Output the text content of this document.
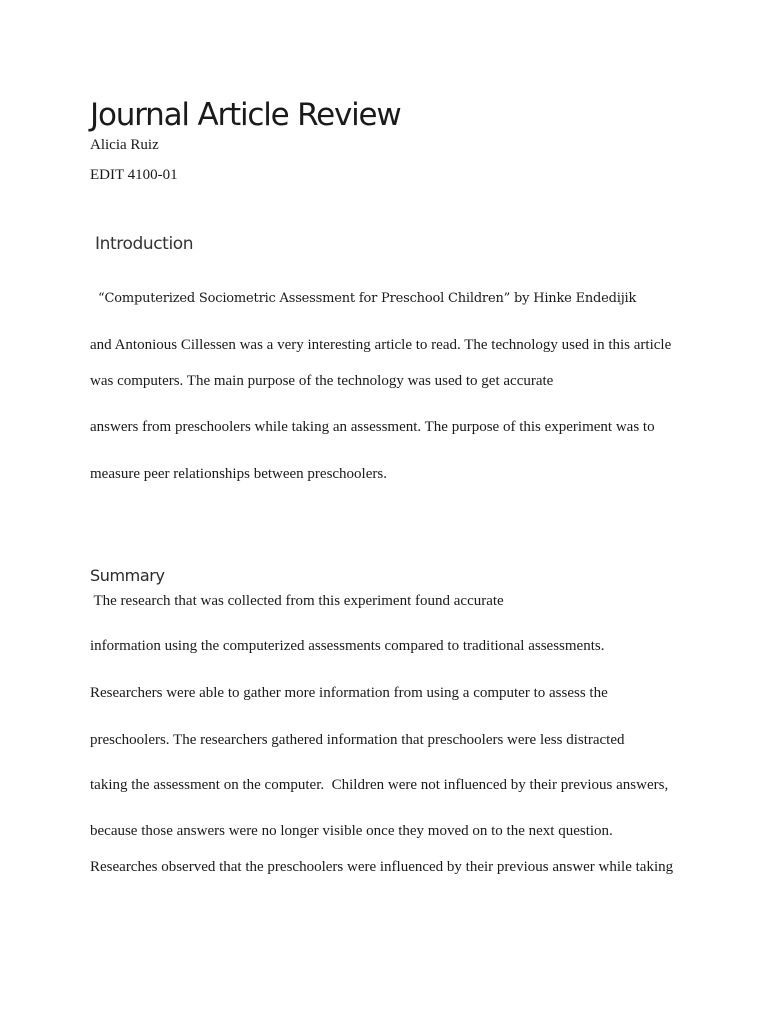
Journal Article Review

Alicia Ruiz

EDIT 4100-01

Introduction

“Computerized Sociometric Assessment for Preschool Children” by Hinke Endedijik

and Antonious Cillessen was a very interesting article to read. The technology used in this article

was computers. The main purpose of the technology was used to get accurate

answers from preschoolers while taking an assessment. The purpose of this experiment was to

measure peer relationships between preschoolers.

Summary

The research that was collected from this experiment found accurate

information using the computerized assessments compared to traditional assessments.

Researchers were able to gather more information from using a computer to assess the

preschoolers. The researchers gathered information that preschoolers were less distracted

taking the assessment on the computer.  Children were not influenced by their previous answers,

because those answers were no longer visible once they moved on to the next question.

Researches observed that the preschoolers were influenced by their previous answer while taking
